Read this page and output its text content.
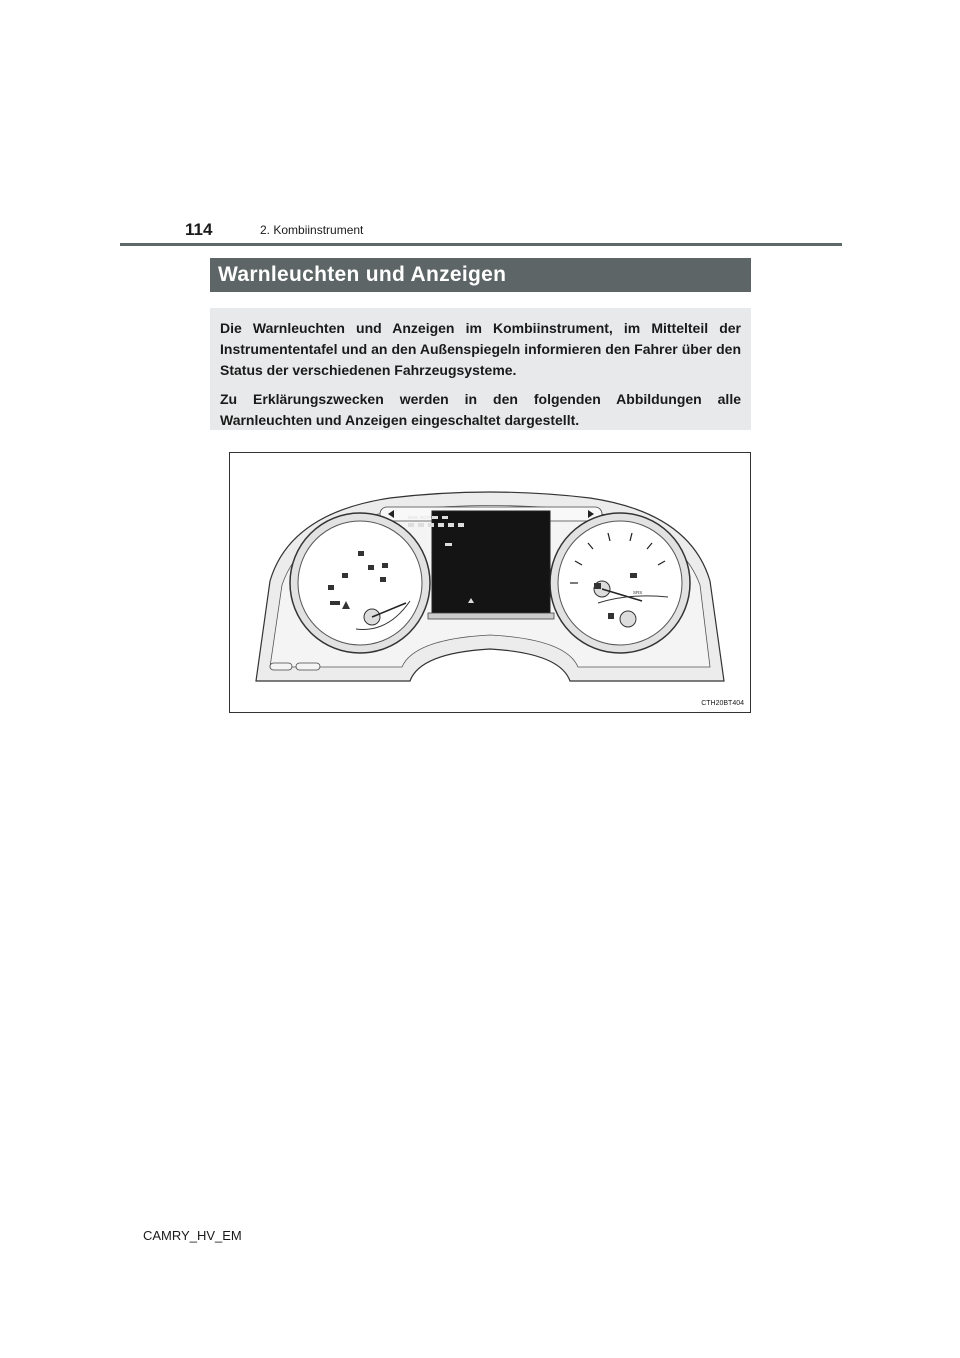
114	2. Kombiinstrument
Warnleuchten und Anzeigen

Die Warnleuchten und Anzeigen im Kombiinstrument, im Mittelteil der Instrumententafel und an den Außenspiegeln informieren den Fahrer über den Status der verschiedenen Fahrzeugsysteme.

Zu Erklärungszwecken werden in den folgenden Abbildungen alle Warnleuchten und Anzeigen eingeschaltet dargestellt.

SRS
BSM RCTA
CTH20BT404
CAMRY_HV_EM
